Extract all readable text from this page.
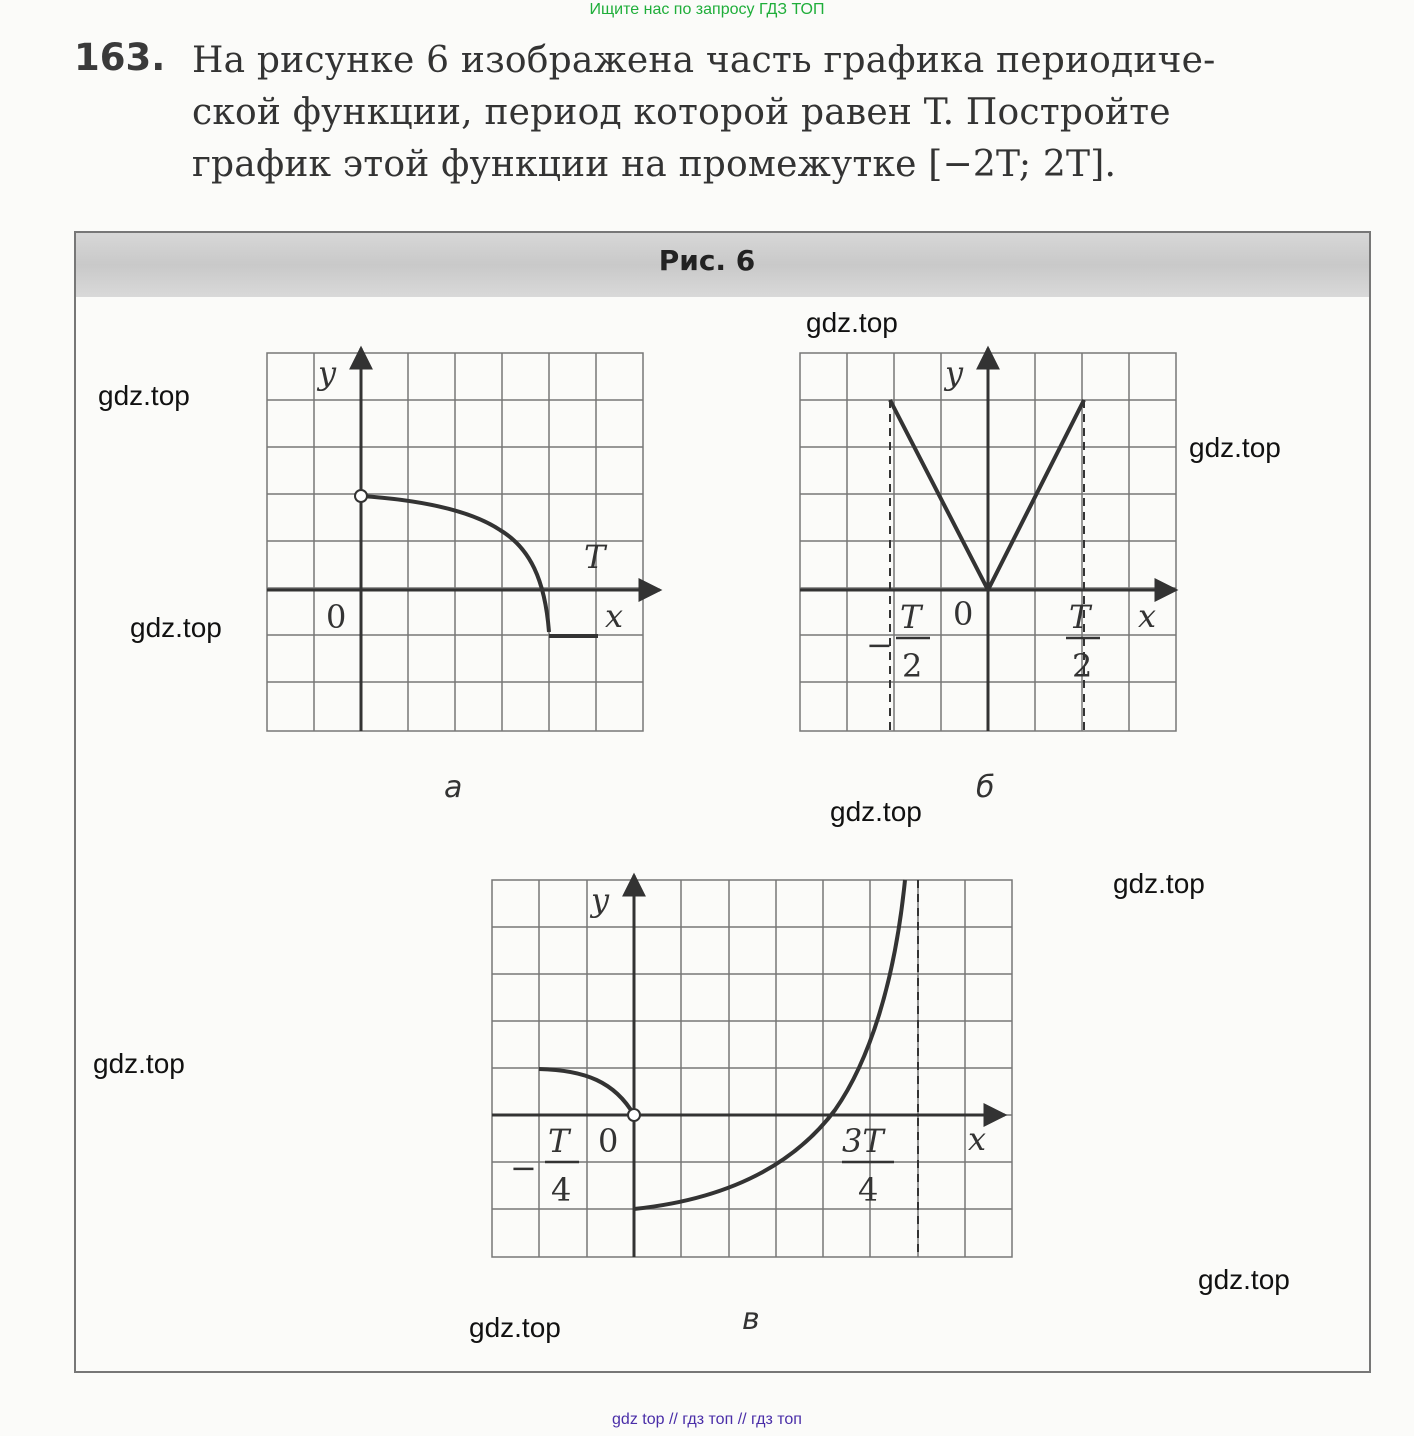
Ищите нас по запросу ГДЗ ТОП
163. На рисунке 6 изображена часть графика периодиче-
ской функции, период которой равен T. Постройте
график этой функции на промежутке [−2T; 2T].
Рис. 6
y
x
0
T
y
x
0
−
T
2
T
2
y
x
0
−
T
4
3T
4
а	б
в
gdz.top
gdz.top
gdz.top
gdz.top
gdz.top
gdz.top
gdz.top
gdz.top
gdz.top
gdz top // гдз топ // гдз топ
